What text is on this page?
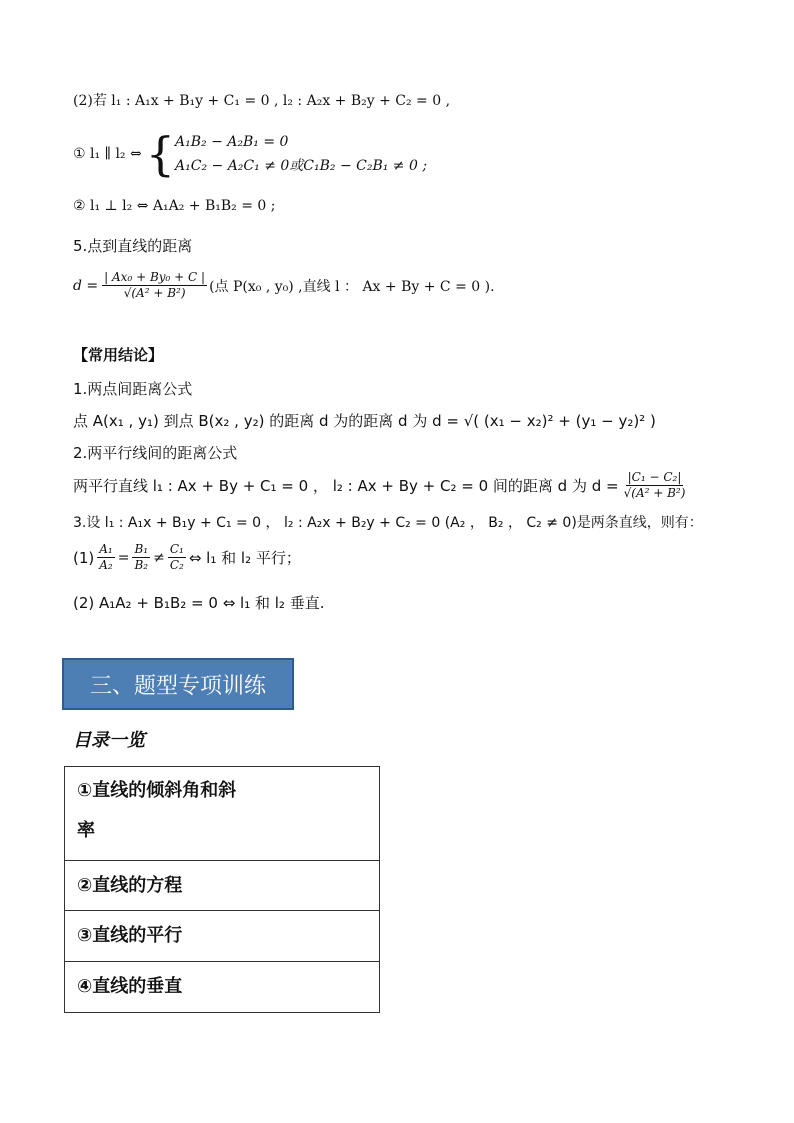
(2)若 l₁ : A₁x + B₁y + C₁ = 0 , l₂ : A₂x + B₂y + C₂ = 0 ,
① l₁ ∥ l₂ ⇔ { A₁B₂ − A₂B₁ = 0
A₁C₂ − A₂C₁ ≠ 0或C₁B₂ − C₂B₁ ≠ 0 ;
② l₁ ⊥ l₂ ⇔ A₁A₂ + B₁B₂ = 0 ;
5.点到直线的距离
$d = \frac{\text{| Ax₀ + By₀ + C |}}{\text{√(A² + B²)}}$ (点 P(x₀ , y₀) ,直线 l ： Ax + By + C = 0 ).
【常用结论】
1.两点间距离公式
点 A(x₁ , y₁) 到点 B(x₂ , y₂) 的距离 d 为的距离 d 为 d = √( (x₁ − x₂)² + (y₁ − y₂)² )
2.两平行线间的距离公式
两平行直线 l₁ : Ax + By + C₁ = 0 ， l₂ : Ax + By + C₂ = 0 间的距离 d 为 $d = \frac{\text{|C₁ − C₂|}}{\text{√(A² + B²)}}$
3.设 l₁ : A₁x + B₁y + C₁ = 0 ， l₂ : A₂x + B₂y + C₂ = 0 (A₂ ， B₂ ， C₂ ≠ 0)是两条直线，则有：
$(1) \frac{\text{A₁}}{\text{A₂}} = \frac{\text{B₁}}{\text{B₂}} \ne \frac{\text{C₁}}{\text{C₂}}$ ⇔ l₁ 和 l₂ 平行；
(2) A₁A₂ + B₁B₂ = 0 ⇔ l₁ 和 l₂ 垂直.
三、题型专项训练
目录一览
①直线的倾斜角和斜
率
②直线的方程
③直线的平行
④直线的垂直
